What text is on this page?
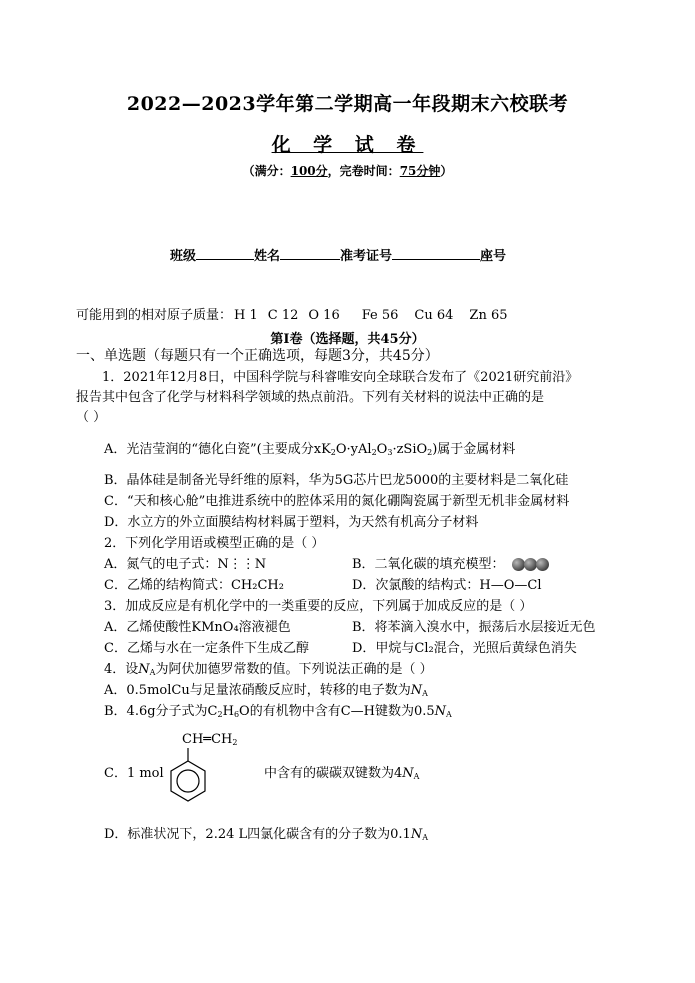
2022—2023学年第二学期高一年段期末六校联考
化 学 试 卷
（满分：100分，完卷时间：75分钟）
班级	姓名	准考证号	座号
可能用到的相对原子质量： H 1 C 12 O 16 Fe 56 Cu 64 Zn 65
第I卷（选择题，共45分）
一、单选题（每题只有一个正确选项，每题3分，共45分）
1．2021年12月8日，中国科学院与科睿唯安向全球联合发布了《2021研究前沿》
报告其中包含了化学与材料科学领域的热点前沿。下列有关材料的说法中正确的是
（ ）
A．光洁莹润的“德化白瓷”(主要成分$xK_2O\cdot yAl_2O_3\cdot zSiO_2$)属于金属材料
B．晶体硅是制备光导纤维的原料，华为5G芯片巴龙5000的主要材料是二氧化硅
C．“天和核心舱”电推进系统中的腔体采用的氮化硼陶瓷属于新型无机非金属材料
D．水立方的外立面膜结构材料属于塑料，为天然有机高分子材料
2．下列化学用语或模型正确的是（ ）
A．氮气的电子式：N⋮⋮N	B．二氧化碳的填充模型：
C．乙烯的结构简式：CH₂CH₂	D．次氯酸的结构式：H—O—Cl
3．加成反应是有机化学中的一类重要的反应，下列属于加成反应的是（ ）
A．乙烯使酸性KMnO₄溶液褪色	B．将苯滴入溴水中，振荡后水层接近无色
C．乙烯与水在一定条件下生成乙醇	D．甲烷与Cl₂混合，光照后黄绿色消失
4．设$N_A$为阿伏加德罗常数的值。下列说法正确的是（ ）
A．0.5molCu与足量浓硝酸反应时，转移的电子数为$N_A$
B．4.6g分子式为$C_2H_6O$的有机物中含有C—H键数为$0.5N_A$
$CH═CH_2$
C．1 mol	中含有的碳碳双键数为$4N_A$
D．标准状况下，2.24 L四氯化碳含有的分子数为$0.1N_A$
